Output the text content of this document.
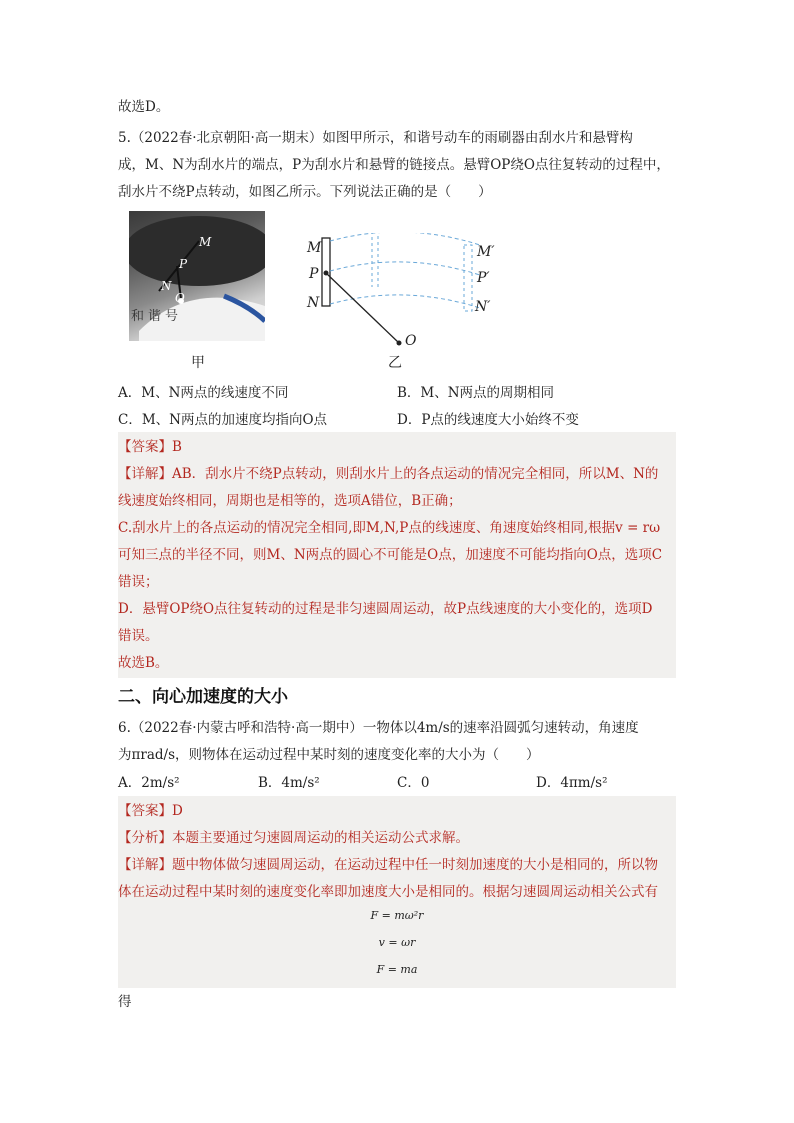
故选D。
5.（2022春·北京朝阳·高一期末）如图甲所示，和谐号动车的雨刷器由刮水片和悬臂构
成，M、N为刮水片的端点，P为刮水片和悬臂的链接点。悬臂OP绕O点往复转动的过程中，
刮水片不绕P点转动，如图乙所示。下列说法正确的是（　　）
M
P
N
O
和谐号
甲
M
P
N
M′
P′
N′
O
乙
A．M、N两点的线速度不同	B．M、N两点的周期相同
C．M、N两点的加速度均指向O点	D．P点的线速度大小始终不变
【答案】B
【详解】AB．刮水片不绕P点转动，则刮水片上的各点运动的情况完全相同，所以M、N的
线速度始终相同，周期也是相等的，选项A错位，B正确；
C.刮水片上的各点运动的情况完全相同,即M,N,P点的线速度、角速度始终相同,根据v = rω
可知三点的半径不同，则M、N两点的圆心不可能是O点，加速度不可能均指向O点，选项C
错误；
D．悬臂OP绕O点往复转动的过程是非匀速圆周运动，故P点线速度的大小变化的，选项D
错误。
故选B。
二、向心加速度的大小
6.（2022春·内蒙古呼和浩特·高一期中）一物体以4m/s的速率沿圆弧匀速转动，角速度
为πrad/s，则物体在运动过程中某时刻的速度变化率的大小为（　　）
A．2m/s²	B．4m/s²	C．0	D．4πm/s²
【答案】D
【分析】本题主要通过匀速圆周运动的相关运动公式求解。
【详解】题中物体做匀速圆周运动，在运动过程中任一时刻加速度的大小是相同的，所以物
体在运动过程中某时刻的速度变化率即加速度大小是相同的。根据匀速圆周运动相关公式有
F = mω²r
v = ωr
F = ma
得
